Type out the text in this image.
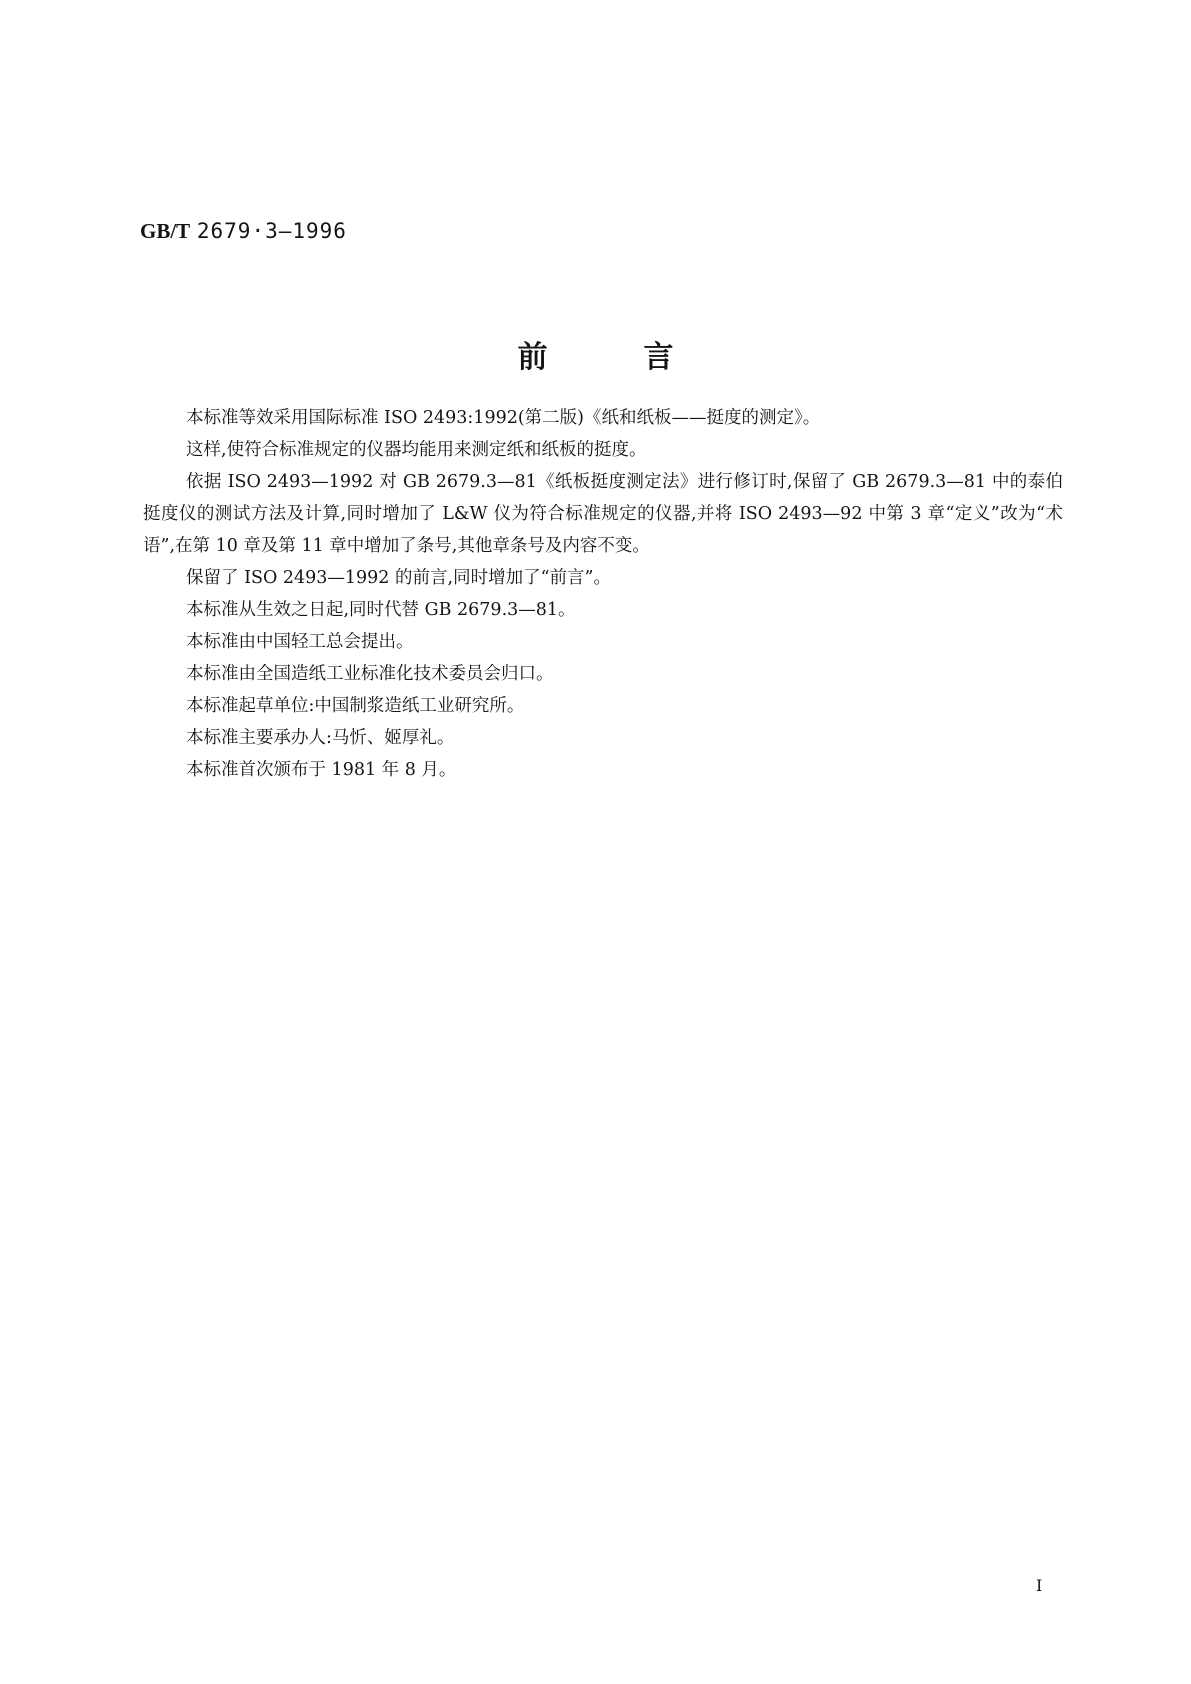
GB/T 2679·3—1996
前	言

本标准等效采用国际标准 ISO 2493:1992(第二版)《纸和纸板——挺度的测定》。

这样,使符合标准规定的仪器均能用来测定纸和纸板的挺度。

依据 ISO 2493—1992 对 GB 2679.3—81《纸板挺度测定法》进行修订时,保留了 GB 2679.3—81 中的泰伯挺度仪的测试方法及计算,同时增加了 L&W 仪为符合标准规定的仪器,并将 ISO 2493—92 中第 3 章“定义”改为“术语”,在第 10 章及第 11 章中增加了条号,其他章条号及内容不变。

保留了 ISO 2493—1992 的前言,同时增加了“前言”。

本标准从生效之日起,同时代替 GB 2679.3—81。

本标准由中国轻工总会提出。

本标准由全国造纸工业标准化技术委员会归口。

本标准起草单位:中国制浆造纸工业研究所。

本标准主要承办人:马忻、姬厚礼。

本标准首次颁布于 1981 年 8 月。

I
